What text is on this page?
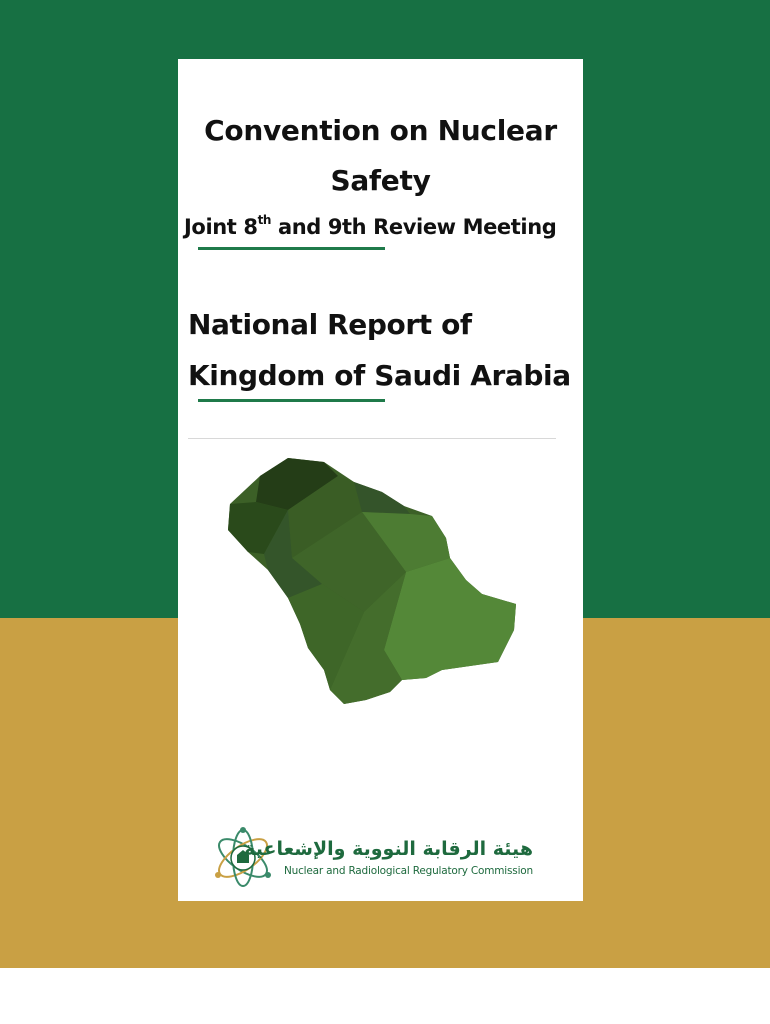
Convention on Nuclear
Safety
Joint 8th and 9th Review Meeting
National Report of
Kingdom of Saudi Arabia
هيئة الرقابة النووية والإشعاعية
Nuclear and Radiological Regulatory Commission
